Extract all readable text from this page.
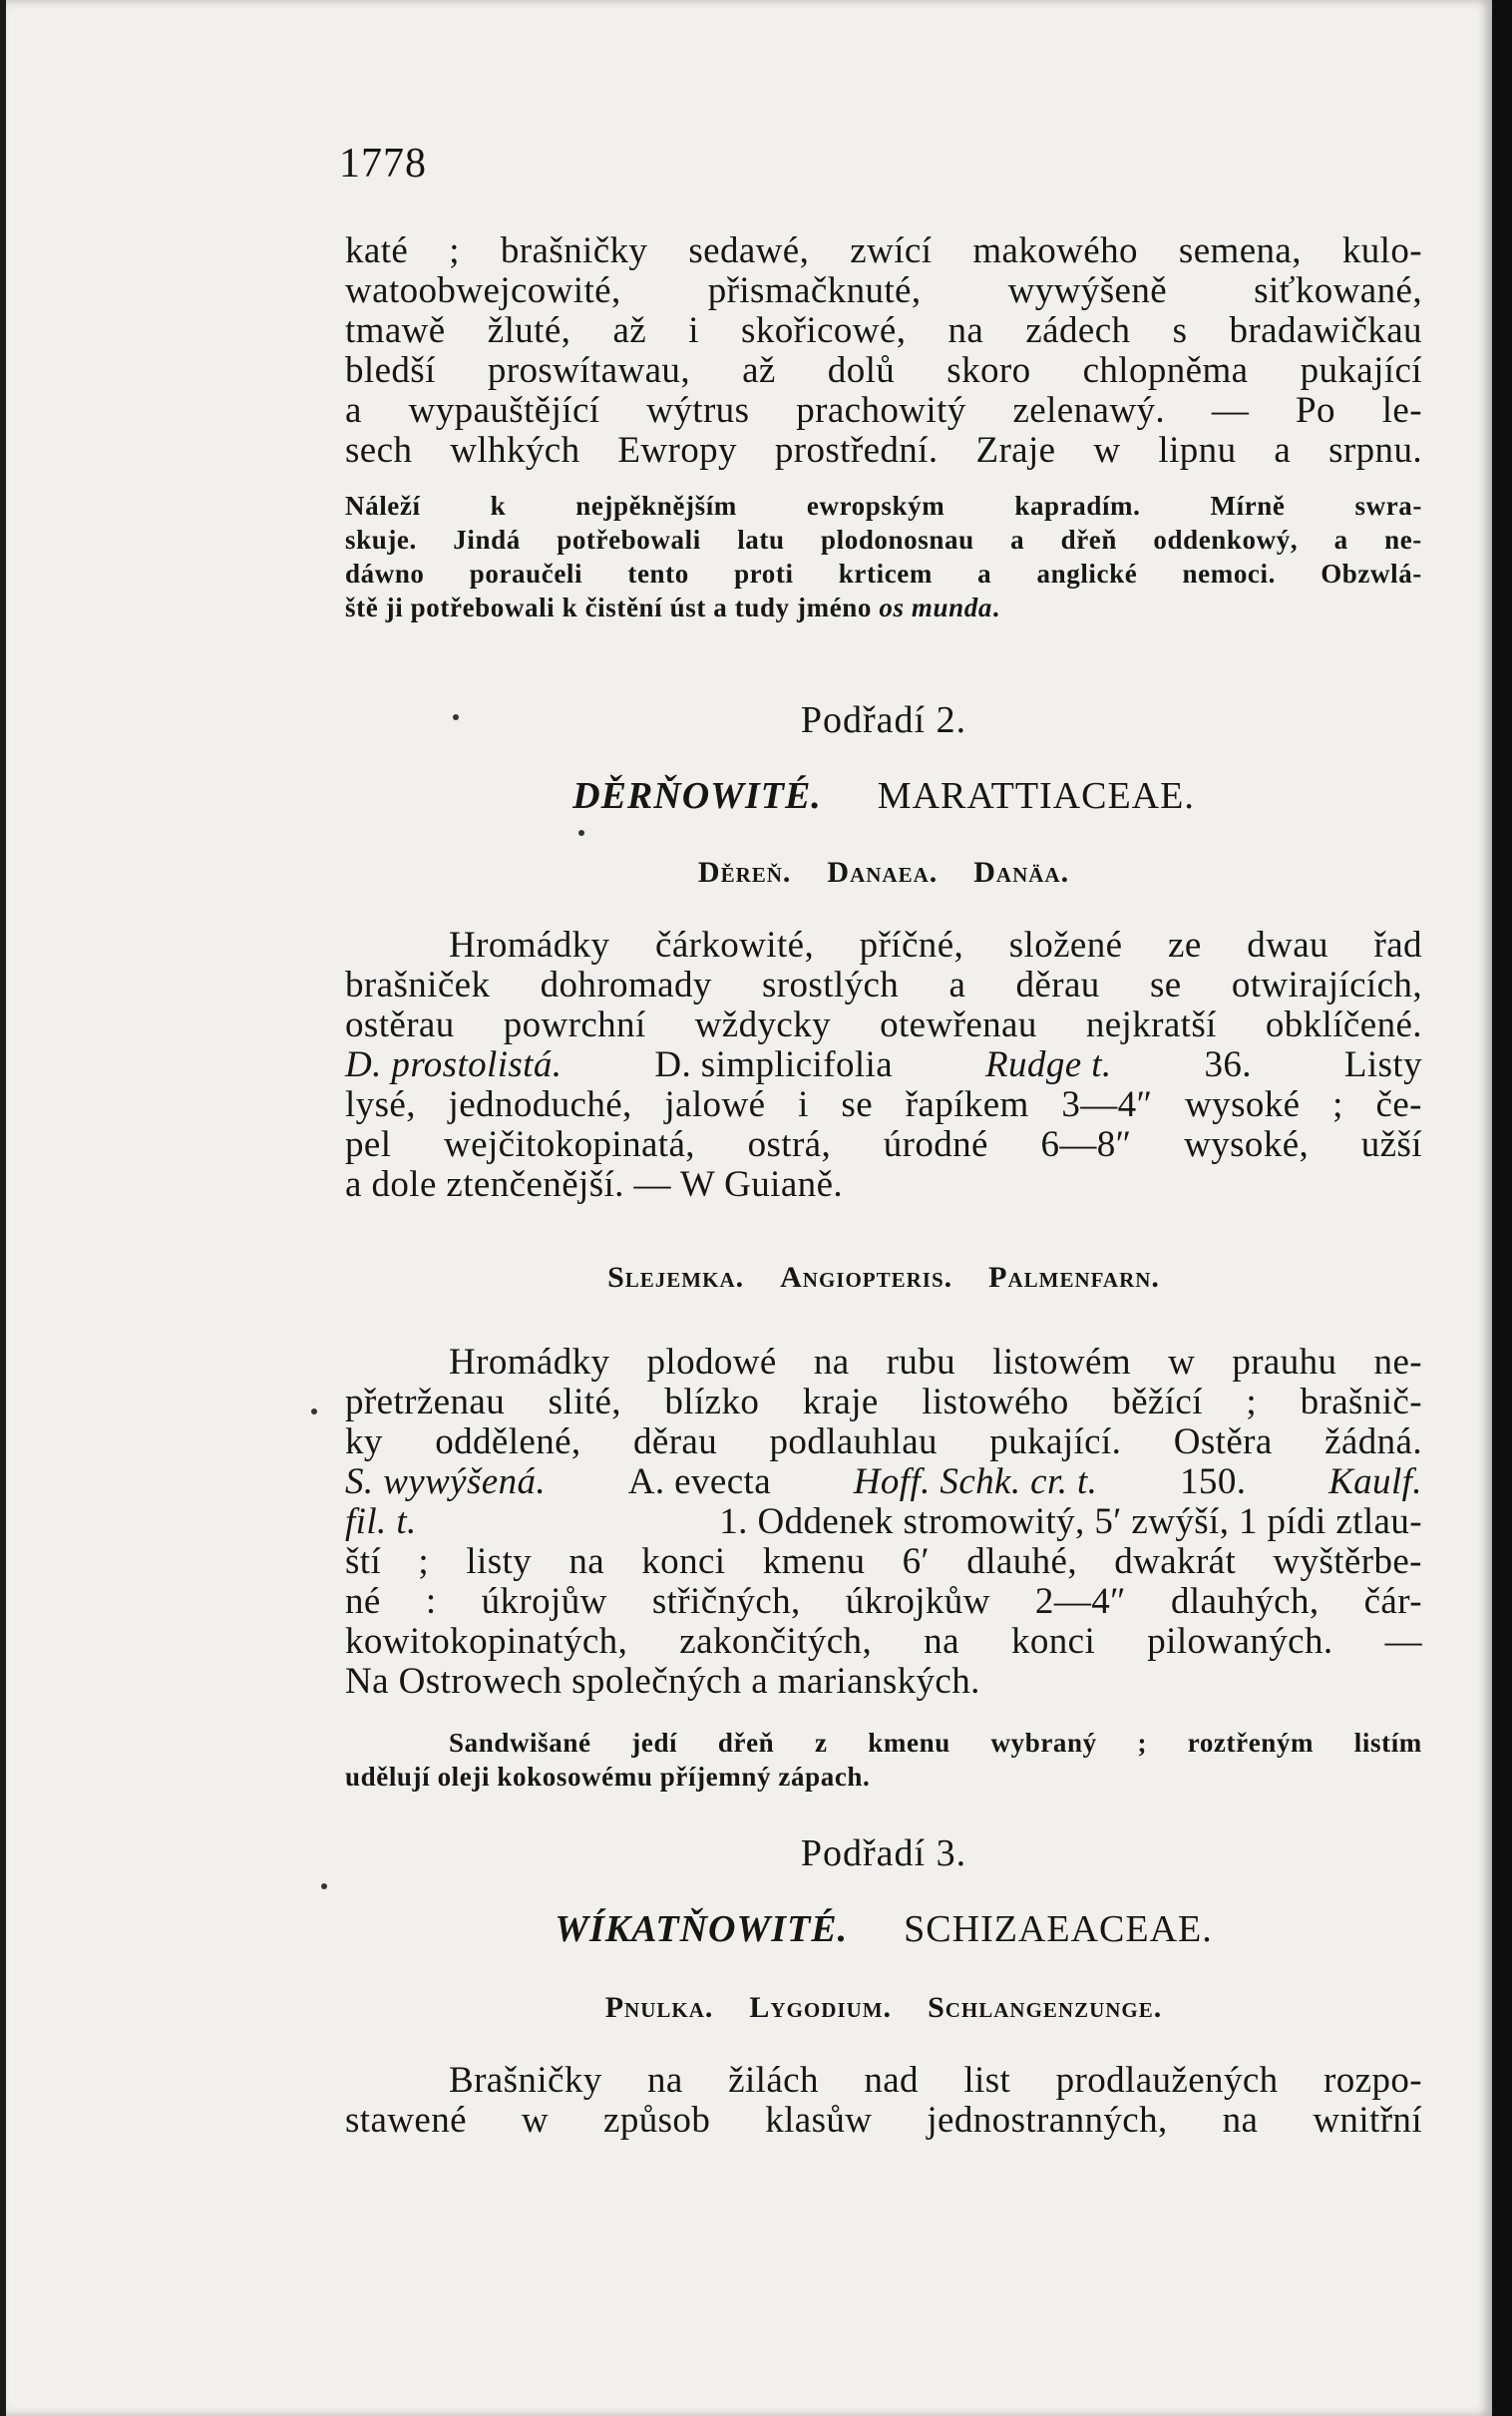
1778
katé ; brašničky sedawé, zwící makowého semena, kulo-
watoobwejcowité, přismačknuté, wywýšeně siťkowané,
tmawě žluté, až i skořicowé, na zádech s bradawičkau
bledší proswítawau, až dolů skoro chlopněma pukající
a wypauštějící wýtrus prachowitý zelenawý. — Po le-
sech wlhkých Ewropy prostřední. Zraje w lipnu a srpnu.
Náleží	k	nejpěknějším	ewropským	kapradím.	Mírně	swra-
skuje. Jindá potřebowali latu plodonosnau a dřeň oddenkowý, a ne-
dáwno poraučeli tento proti krticem a anglické nemoci. Obzwlá-
ště ji potřebowali k čistění úst a tudy jméno os munda .
Podřadí 2.
DĚRŇOWITÉ. MARATTIACEAE.
Děreň. Danaea. Danäa.
Hromádky čárkowité, příčné, složené ze dwau řad
brašniček dohromady srostlých a děrau se otwirajících,
ostěrau powrchní wždycky otewřenau nejkratší obklíčené.
D. prostolistá.	D. simplicifolia	Rudge t.	36.	Listy
lysé, jednoduché, jalowé i se řapíkem 3—4″ wysoké ; če-
pel wejčitokopinatá, ostrá, úrodné 6—8″ wysoké, užší
a dole ztenčenější. — W Guianě.
Slejemka. Angiopteris. Palmenfarn.
Hromádky plodowé na rubu listowém w prauhu ne-
přetrženau slité, blízko kraje listowého běžící ; brašnič-
ky oddělené, děrau podlauhlau pukající. Ostěra žádná.
S. wywýšená. A. evecta Hoff. Schk. cr. t. 150. Kaulf.
fil. t.	1. Oddenek stromowitý, 5′ zwýší, 1 pídi ztlau-
ští ; listy na konci kmenu 6′ dlauhé, dwakrát wyštěrbe-
né : úkrojůw střičných, úkrojkůw 2—4″ dlauhých, čár-
kowitokopinatých, zakončitých, na konci pilowaných. —
Na Ostrowech společných a marianských.
Sandwišané jedí dřeň z kmenu wybraný ; roztřeným listím
udělují oleji kokosowému příjemný zápach.
Podřadí 3.
WÍKATŇOWITÉ. SCHIZAEACEAE.
Pnulka. Lygodium. Schlangenzunge.
Brašničky na žilách nad list prodlaužených rozpo-
stawené w způsob klasůw jednostranných, na wnitřní
